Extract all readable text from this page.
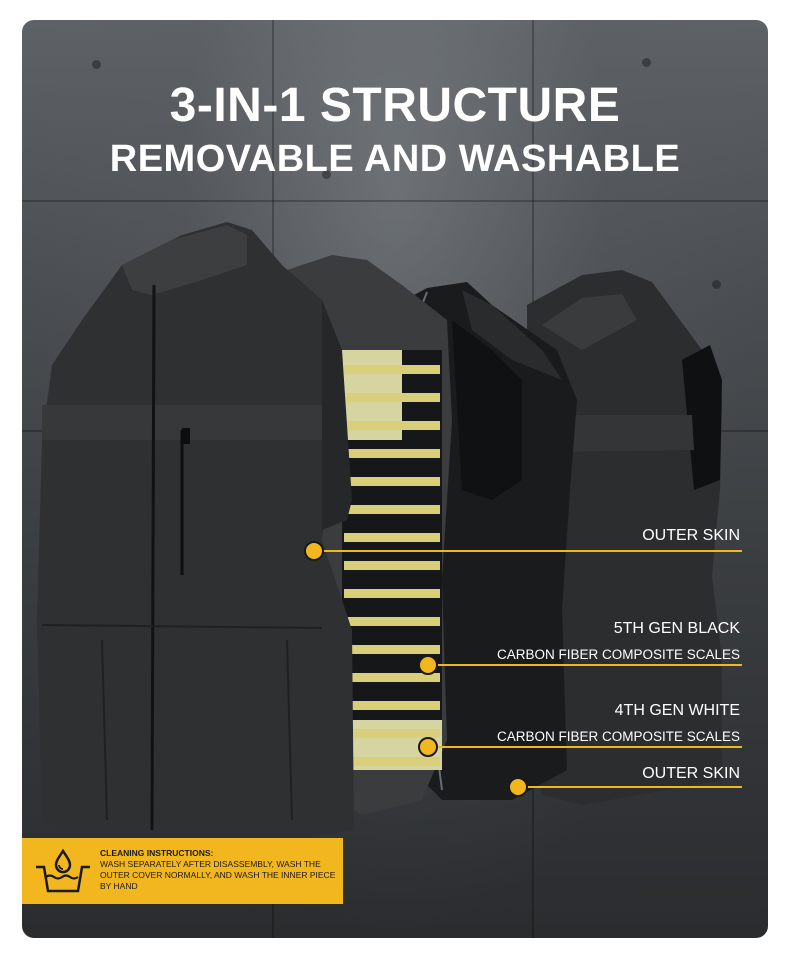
3-IN-1 STRUCTURE
REMOVABLE AND WASHABLE
OUTER SKIN
5TH GEN BLACK
CARBON FIBER COMPOSITE SCALES
4TH GEN WHITE
CARBON FIBER COMPOSITE SCALES
OUTER SKIN
CLEANING INSTRUCTIONS:
WASH SEPARATELY AFTER DISASSEMBLY, WASH THE OUTER COVER NORMALLY, AND WASH THE INNER PIECE BY HAND
